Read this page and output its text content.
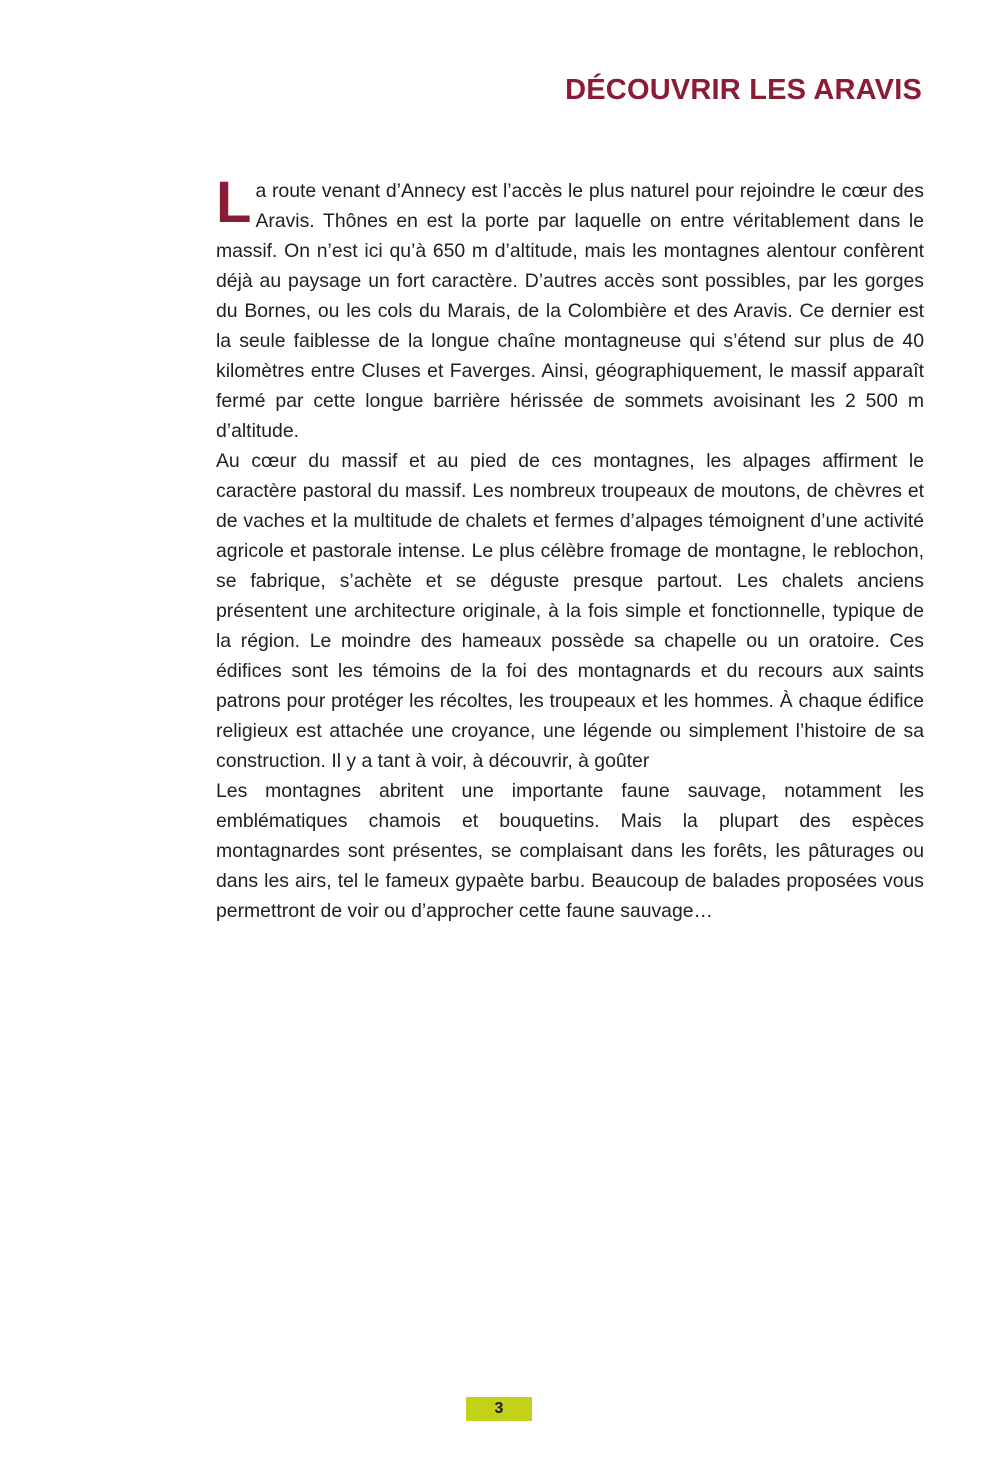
DÉCOUVRIR LES ARAVIS

La route venant d’Annecy est l’accès le plus naturel pour rejoindre le cœur des Aravis. Thônes en est la porte par laquelle on entre véritablement dans le massif. On n’est ici qu’à 650 m d’altitude, mais les montagnes alentour confèrent déjà au paysage un fort caractère. D’autres accès sont possibles, par les gorges du Bornes, ou les cols du Marais, de la Colombière et des Aravis. Ce dernier est la seule faiblesse de la longue chaîne montagneuse qui s’étend sur plus de 40 kilomètres entre Cluses et Faverges. Ainsi, géographiquement, le massif apparaît fermé par cette longue barrière hérissée de sommets avoisinant les 2 500 m d’altitude.

Au cœur du massif et au pied de ces montagnes, les alpages affirment le caractère pastoral du massif. Les nombreux troupeaux de moutons, de chèvres et de vaches et la multitude de chalets et fermes d’alpages témoignent d’une activité agricole et pastorale intense. Le plus célèbre fromage de montagne, le reblochon, se fabrique, s’achète et se déguste presque partout. Les chalets anciens présentent une architecture originale, à la fois simple et fonctionnelle, typique de la région. Le moindre des hameaux possède sa chapelle ou un oratoire. Ces édifices sont les témoins de la foi des montagnards et du recours aux saints patrons pour protéger les récoltes, les troupeaux et les hommes. À chaque édifice religieux est attachée une croyance, une légende ou simplement l’histoire de sa construction. Il y a tant à voir, à découvrir, à goûter

Les montagnes abritent une importante faune sauvage, notamment les emblématiques chamois et bouquetins. Mais la plupart des espèces montagnardes sont présentes, se complaisant dans les forêts, les pâturages ou dans les airs, tel le fameux gypaète barbu. Beaucoup de balades proposées vous permettront de voir ou d’approcher cette faune sauvage…

3
